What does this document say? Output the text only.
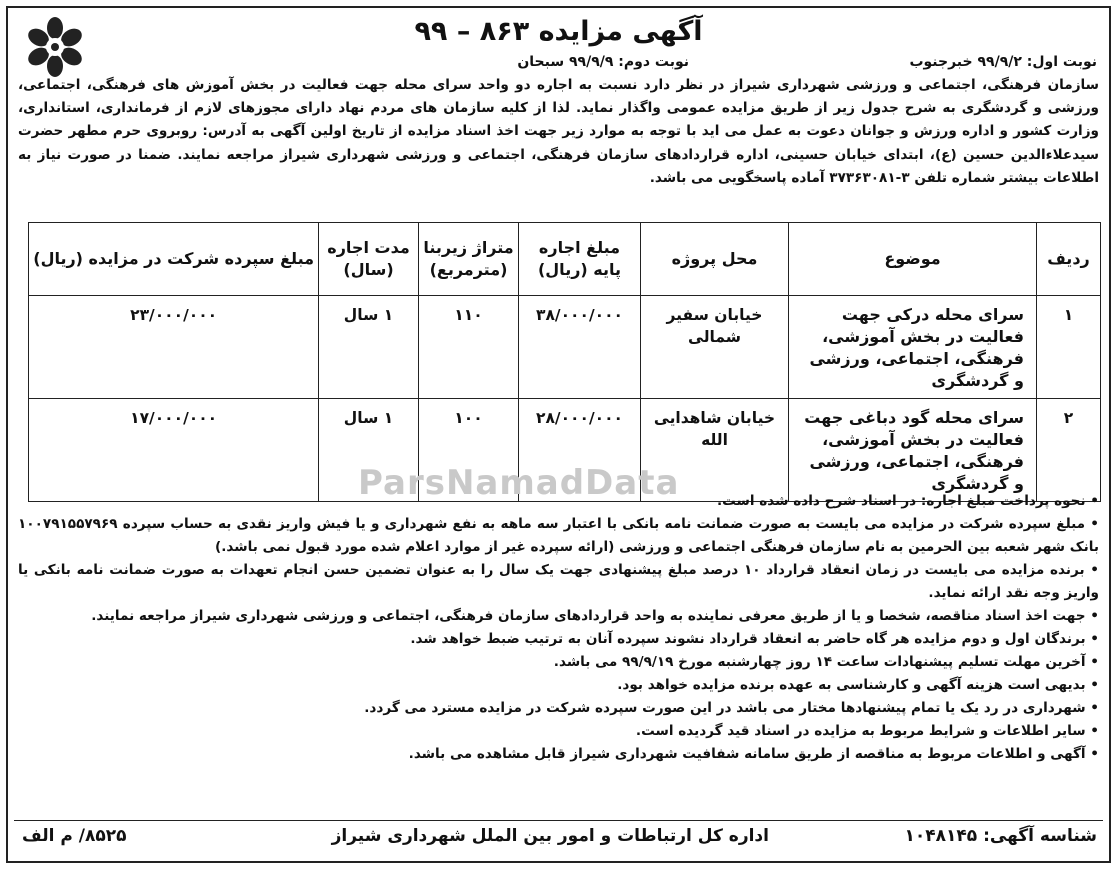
آگهی مزایده ۸۶۳ – ۹۹
نوبت اول: ۹۹/۹/۲ خبرجنوب
نوبت دوم: ۹۹/۹/۹ سبحان
سازمان فرهنگی، اجتماعی و ورزشی شهرداری شیراز در نظر دارد نسبت به اجاره دو واحد سرای محله جهت فعالیت در بخش آموزش های فرهنگی، اجتماعی، ورزشی و گردشگری به شرح جدول زیر از طریق مزایده عمومی واگذار نماید. لذا از کلیه سازمان های مردم نهاد دارای مجوزهای لازم از فرمانداری، استانداری، وزارت کشور و اداره ورزش و جوانان دعوت به عمل می اید با توجه به موارد زیر جهت اخذ اسناد مزایده از تاریخ اولین آگهی به آدرس: روبروی حرم مطهر حضرت سیدعلاءالدین حسین (ع)، ابتدای خیابان حسینی، اداره قراردادهای سازمان فرهنگی، اجتماعی و ورزشی شهرداری شیراز مراجعه نمایند. ضمنا در صورت نیاز به اطلاعات بیشتر شماره تلفن ۳-۳۷۳۶۳۰۸۱ آماده پاسخگویی می باشد.
ردیف	موضوع	محل پروژه	مبلغ اجاره پایه (ریال)	متراژ زیربنا (مترمربع)	مدت اجاره (سال)	مبلغ سپرده شرکت در مزایده (ریال)
۱	سرای محله درکی جهت فعالیت در بخش آموزشی، فرهنگی، اجتماعی، ورزشی و گردشگری	خیابان سفیر شمالی	۳۸/۰۰۰/۰۰۰	۱۱۰	۱ سال	۲۳/۰۰۰/۰۰۰
۲	سرای محله گود دباغی جهت فعالیت در بخش آموزشی، فرهنگی، اجتماعی، ورزشی و گردشگری	خیابان شاهدایی الله	۲۸/۰۰۰/۰۰۰	۱۰۰	۱ سال	۱۷/۰۰۰/۰۰۰
ParsNamadData	• نحوه پرداخت مبلغ اجاره: در اسناد شرح داده شده است.

• مبلغ سپرده شرکت در مزایده می بایست به صورت ضمانت نامه بانکی با اعتبار سه ماهه به نفع شهرداری و یا فیش واریز نقدی به حساب سپرده ۱۰۰۷۹۱۵۵۷۹۶۹ بانک شهر شعبه بین الحرمین به نام سازمان فرهنگی اجتماعی و ورزشی (ارائه سپرده غیر از موارد اعلام شده مورد قبول نمی باشد.)

• برنده مزایده می بایست در زمان انعقاد قرارداد ۱۰ درصد مبلغ پیشنهادی جهت یک سال را به عنوان تضمین حسن انجام تعهدات به صورت ضمانت نامه بانکی یا واریز وجه نقد ارائه نماید.

• جهت اخذ اسناد مناقصه، شخصا و یا از طریق معرفی نماینده به واحد قراردادهای سازمان فرهنگی، اجتماعی و ورزشی شهرداری شیراز مراجعه نمایند.

• برندگان اول و دوم مزایده هر گاه حاضر به انعقاد قرارداد نشوند سپرده آنان به ترتیب ضبط خواهد شد.

• آخرین مهلت تسلیم پیشنهادات ساعت ۱۴ روز چهارشنبه مورخ ۹۹/۹/۱۹ می باشد.

• بدیهی است هزینه آگهی و کارشناسی به عهده برنده مزایده خواهد بود.

• شهرداری در رد یک یا تمام پیشنهادها مختار می باشد در این صورت سپرده شرکت در مزایده مسترد می گردد.

• سایر اطلاعات و شرایط مربوط به مزایده در اسناد قید گردیده است.

• آگهی و اطلاعات مربوط به مناقصه از طریق سامانه شفافیت شهرداری شیراز قابل مشاهده می باشد.

شناسه آگهی: ۱۰۴۸۱۴۵
اداره کل ارتباطات و امور بین الملل شهرداری شیراز
۸۵۲۵/ م الف
